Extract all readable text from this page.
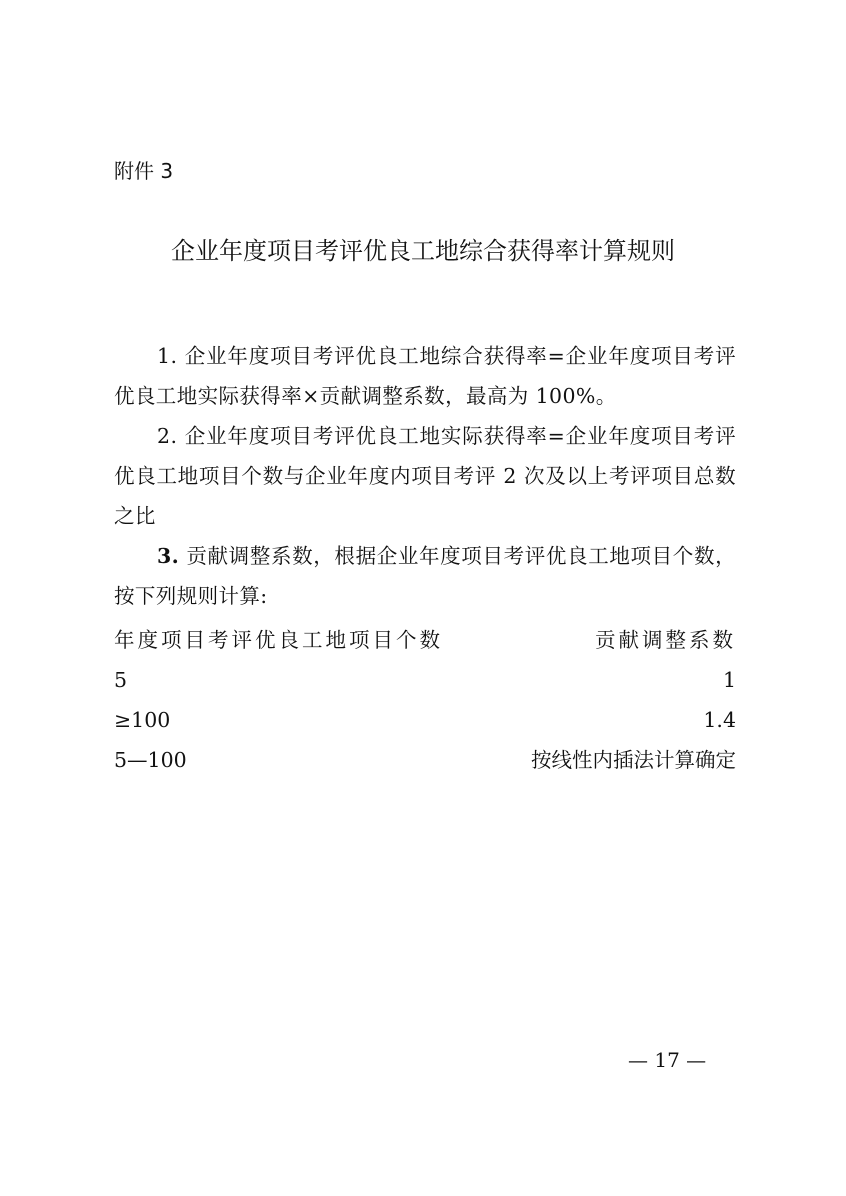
附件 3
企业年度项目考评优良工地综合获得率计算规则

1. 企业年度项目考评优良工地综合获得率=企业年度项目考评优良工地实际获得率×贡献调整系数，最高为 100%。

2. 企业年度项目考评优良工地实际获得率=企业年度项目考评优良工地项目个数与企业年度内项目考评 2 次及以上考评项目总数之比

3. 贡献调整系数，根据企业年度项目考评优良工地项目个数，按下列规则计算:

年度项目考评优良工地项目个数	贡献调整系数
5	1
≥100	1.4
5—100	按线性内插法计算确定
— 17 —
